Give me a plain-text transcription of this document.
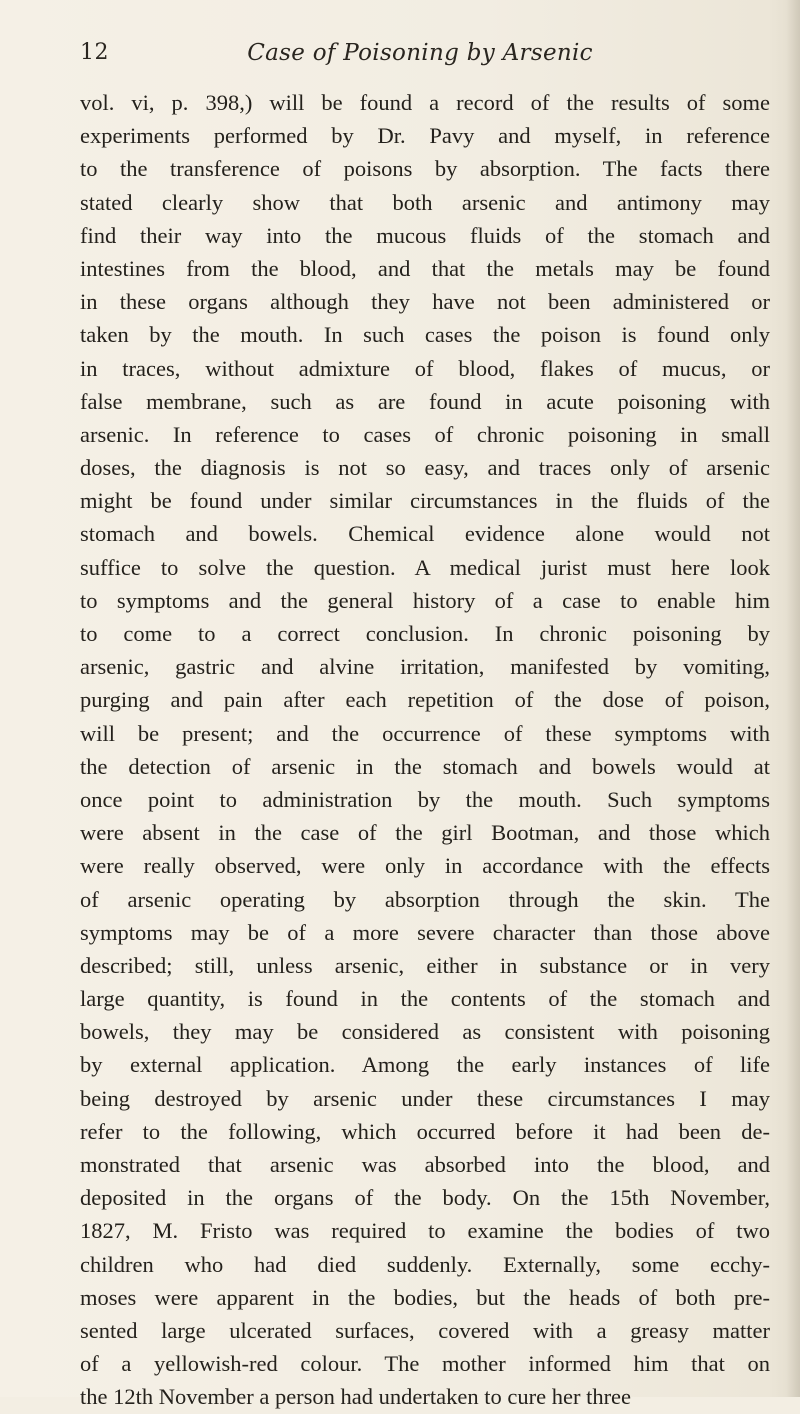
12	Case of Poisoning by Arsenic
vol. vi, p. 398,) will be found a record of the results of some
experiments performed by Dr. Pavy and myself, in reference
to the transference of poisons by absorption. The facts there
stated clearly show that both arsenic and antimony may
find their way into the mucous fluids of the stomach and
intestines from the blood, and that the metals may be found
in these organs although they have not been administered or
taken by the mouth. In such cases the poison is found only
in traces, without admixture of blood, flakes of mucus, or
false membrane, such as are found in acute poisoning with
arsenic. In reference to cases of chronic poisoning in small
doses, the diagnosis is not so easy, and traces only of arsenic
might be found under similar circumstances in the fluids of the
stomach and bowels. Chemical evidence alone would not
suffice to solve the question. A medical jurist must here look
to symptoms and the general history of a case to enable him
to come to a correct conclusion. In chronic poisoning by
arsenic, gastric and alvine irritation, manifested by vomiting,
purging and pain after each repetition of the dose of poison,
will be present; and the occurrence of these symptoms with
the detection of arsenic in the stomach and bowels would at
once point to administration by the mouth. Such symptoms
were absent in the case of the girl Bootman, and those which
were really observed, were only in accordance with the effects
of arsenic operating by absorption through the skin. The
symptoms may be of a more severe character than those above
described; still, unless arsenic, either in substance or in very
large quantity, is found in the contents of the stomach and
bowels, they may be considered as consistent with poisoning
by external application. Among the early instances of life
being destroyed by arsenic under these circumstances I may
refer to the following, which occurred before it had been de-
monstrated that arsenic was absorbed into the blood, and
deposited in the organs of the body. On the 15th November,
1827, M. Fristo was required to examine the bodies of two
children who had died suddenly. Externally, some ecchy-
moses were apparent in the bodies, but the heads of both pre-
sented large ulcerated surfaces, covered with a greasy matter
of a yellowish-red colour. The mother informed him that on
the 12th November a person had undertaken to cure her three
